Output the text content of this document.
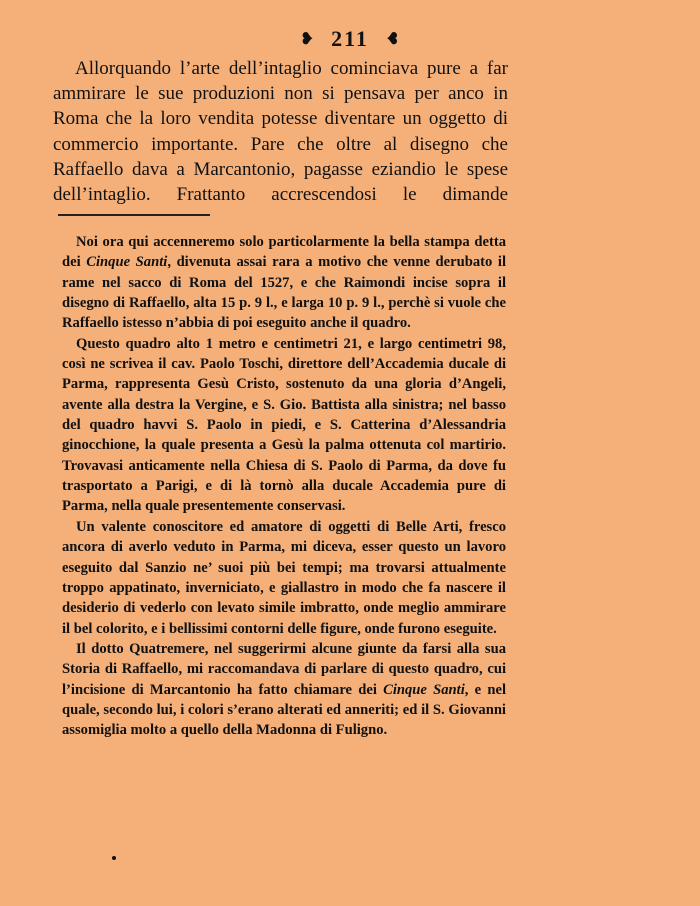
❥ 211 ❥

Allorquando l’arte dell’intaglio cominciava pure a far ammirare le sue produzioni non si pensava per anco in Roma che la loro vendita potesse diventare un oggetto di commercio importante. Pare che oltre al disegno che Raffaello dava a Marcantonio, pagasse eziandio le spese dell’intaglio. Frattanto accrescendosi le dimande

Noi ora qui accenneremo solo particolarmente la bella stampa detta dei Cinque Santi, divenuta assai rara a motivo che venne derubato il rame nel sacco di Roma del 1527, e che Raimondi incise sopra il disegno di Raffaello, alta 15 p. 9 l., e larga 10 p. 9 l., perchè si vuole che Raffaello istesso n’abbia di poi eseguito anche il quadro.

Questo quadro alto 1 metro e centimetri 21, e largo centimetri 98, così ne scrivea il cav. Paolo Toschi, direttore dell’Accademia ducale di Parma, rappresenta Gesù Cristo, sostenuto da una gloria d’Angeli, avente alla destra la Vergine, e S. Gio. Battista alla sinistra; nel basso del quadro havvi S. Paolo in piedi, e S. Catterina d’Alessandria ginocchione, la quale presenta a Gesù la palma ottenuta col martirio. Trovavasi anticamente nella Chiesa di S. Paolo di Parma, da dove fu trasportato a Parigi, e di là tornò alla ducale Accademia pure di Parma, nella quale presentemente conservasi.

Un valente conoscitore ed amatore di oggetti di Belle Arti, fresco ancora di averlo veduto in Parma, mi diceva, esser questo un lavoro eseguito dal Sanzio ne’ suoi più bei tempi; ma trovarsi attualmente troppo appatinato, inverniciato, e giallastro in modo che fa nascere il desiderio di vederlo con levato simile imbratto, onde meglio ammirare il bel colorito, e i bellissimi contorni delle figure, onde furono eseguite.

Il dotto Quatremere, nel suggerirmi alcune giunte da farsi alla sua Storia di Raffaello, mi raccomandava di parlare di questo quadro, cui l’incisione di Marcantonio ha fatto chiamare dei Cinque Santi, e nel quale, secondo lui, i colori s’erano alterati ed anneriti; ed il S. Giovanni assomiglia molto a quello della Madonna di Fuligno.
